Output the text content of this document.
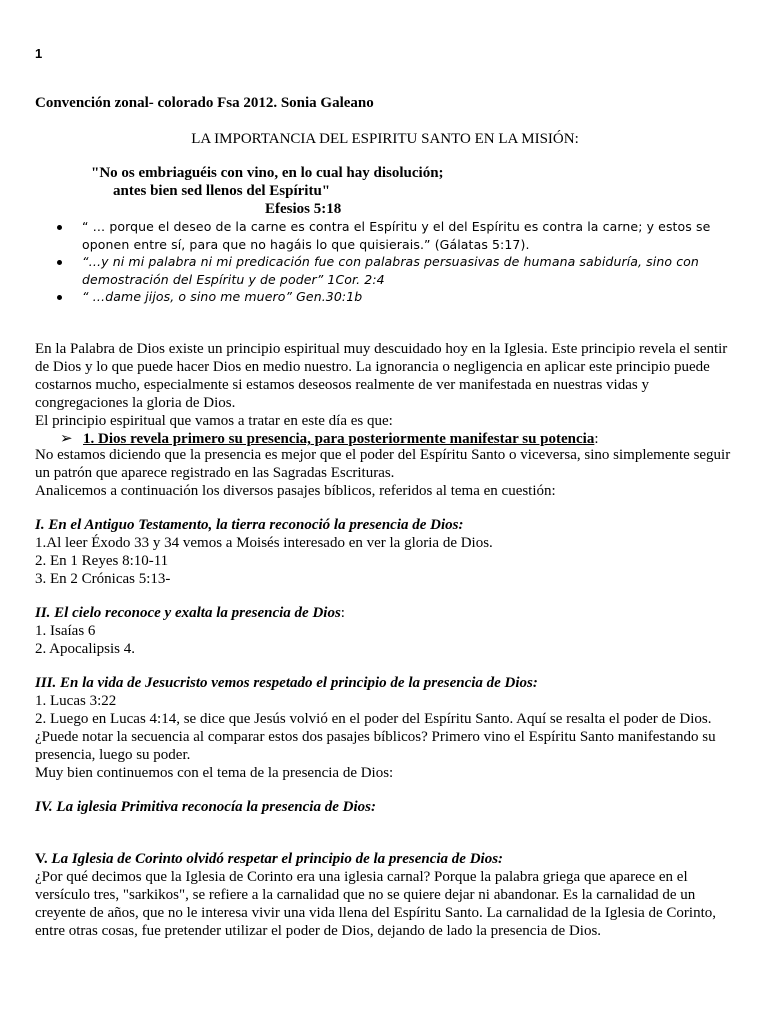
1

Convención zonal- colorado Fsa 2012. Sonia Galeano

LA IMPORTANCIA DEL ESPIRITU SANTO EN LA MISIÓN:

"No os embriaguéis con vino, en lo cual hay disolución;

antes bien sed llenos del Espíritu"

Efesios 5:18

“ … porque el deseo de la carne es contra el Espíritu y el del Espíritu es contra la carne; y estos se oponen entre sí, para que no hagáis lo que quisierais.” (Gálatas 5:17).
“…y ni mi palabra ni mi predicación fue con palabras persuasivas de humana sabiduría, sino con demostración del Espíritu y de poder” 1Cor. 2:4
“ …dame jijos, o sino me muero” Gen.30:1b

En la Palabra de Dios existe un principio espiritual muy descuidado hoy en la Iglesia. Este principio revela el sentir de Dios y lo que puede hacer Dios en medio nuestro. La ignorancia o negligencia en aplicar este principio puede costarnos mucho, especialmente si estamos deseosos realmente de ver manifestada en nuestras vidas y congregaciones la gloria de Dios.

El principio espiritual que vamos a tratar en este día es que:

➢ 1. Dios revela primero su presencia, para posteriormente manifestar su potencia:

No estamos diciendo que la presencia es mejor que el poder del Espíritu Santo o viceversa, sino simplemente seguir un patrón que aparece registrado en las Sagradas Escrituras.

Analicemos a continuación los diversos pasajes bíblicos, referidos al tema en cuestión:

I. En el Antiguo Testamento, la tierra reconoció la presencia de Dios:

1.Al leer Éxodo 33 y 34 vemos a Moisés interesado en ver la gloria de Dios.

2. En 1 Reyes 8:10-11

3. En 2 Crónicas 5:13-

II. El cielo reconoce y exalta la presencia de Dios:

1. Isaías 6

2. Apocalipsis 4.

III. En la vida de Jesucristo vemos respetado el principio de la presencia de Dios:

1. Lucas 3:22

2. Luego en Lucas 4:14, se dice que Jesús volvió en el poder del Espíritu Santo. Aquí se resalta el poder de Dios.

¿Puede notar la secuencia al comparar estos dos pasajes bíblicos? Primero vino el Espíritu Santo manifestando su presencia, luego su poder.

Muy bien continuemos con el tema de la presencia de Dios:

IV. La iglesia Primitiva reconocía la presencia de Dios:

V. La Iglesia de Corinto olvidó respetar el principio de la presencia de Dios:

¿Por qué decimos que la Iglesia de Corinto era una iglesia carnal? Porque la palabra griega que aparece en el versículo tres, "sarkikos", se refiere a la carnalidad que no se quiere dejar ni abandonar. Es la carnalidad de un creyente de años, que no le interesa vivir una vida llena del Espíritu Santo. La carnalidad de la Iglesia de Corinto, entre otras cosas, fue pretender utilizar el poder de Dios, dejando de lado la presencia de Dios.
